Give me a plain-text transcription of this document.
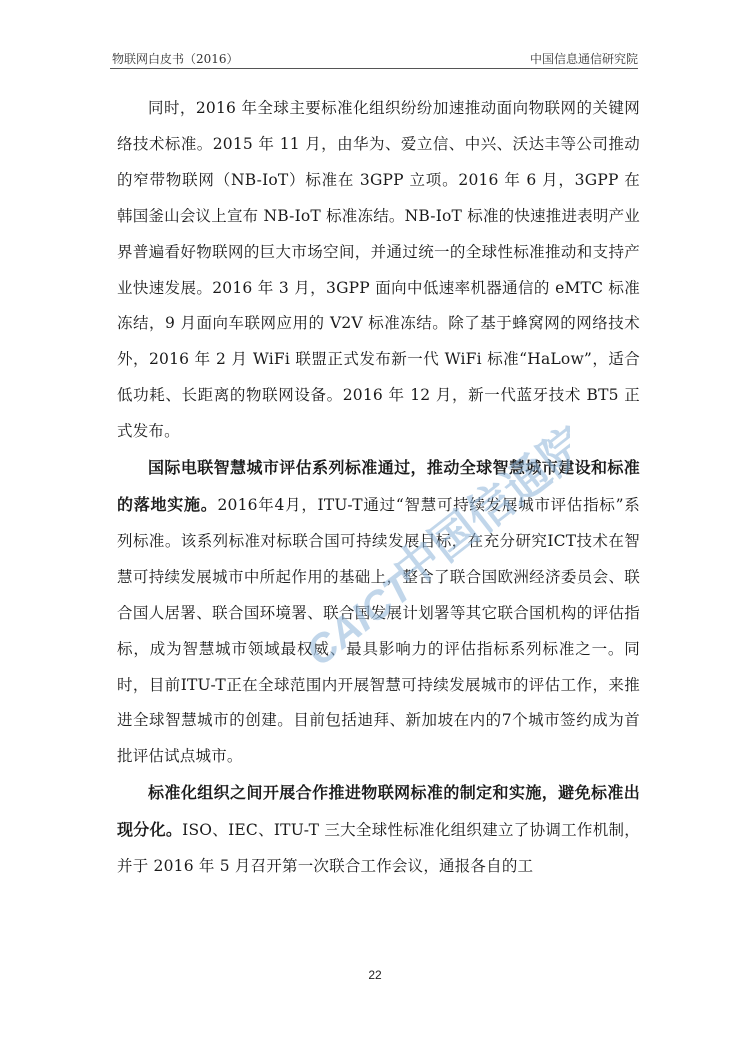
物联网白皮书（2016）	中国信息通信研究院

同时，2016 年全球主要标准化组织纷纷加速推动面向物联网的关键网络技术标准。2015 年 11 月，由华为、爱立信、中兴、沃达丰等公司推动的窄带物联网（NB-IoT）标准在 3GPP 立项。2016 年 6 月，3GPP 在韩国釜山会议上宣布 NB-IoT 标准冻结。NB-IoT 标准的快速推进表明产业界普遍看好物联网的巨大市场空间，并通过统一的全球性标准推动和支持产业快速发展。2016 年 3 月，3GPP 面向中低速率机器通信的 eMTC 标准冻结，9 月面向车联网应用的 V2V 标准冻结。除了基于蜂窝网的网络技术外，2016 年 2 月 WiFi 联盟正式发布新一代 WiFi 标准“HaLow”，适合低功耗、长距离的物联网设备。2016 年 12 月，新一代蓝牙技术 BT5 正式发布。

国际电联智慧城市评估系列标准通过，推动全球智慧城市建设和标准的落地实施。2016年4月，ITU-T通过“智慧可持续发展城市评估指标”系列标准。该系列标准对标联合国可持续发展目标，在充分研究ICT技术在智慧可持续发展城市中所起作用的基础上，整合了联合国欧洲经济委员会、联合国人居署、联合国环境署、联合国发展计划署等其它联合国机构的评估指标，成为智慧城市领域最权威、最具影响力的评估指标系列标准之一。同时，目前ITU-T正在全球范围内开展智慧可持续发展城市的评估工作，来推进全球智慧城市的创建。目前包括迪拜、新加坡在内的7个城市签约成为首批评估试点城市。

标准化组织之间开展合作推进物联网标准的制定和实施，避免标准出现分化。ISO、IEC、ITU-T 三大全球性标准化组织建立了协调工作机制，并于 2016 年 5 月召开第一次联合工作会议，通报各自的工

CAICT
中国信通院
22
